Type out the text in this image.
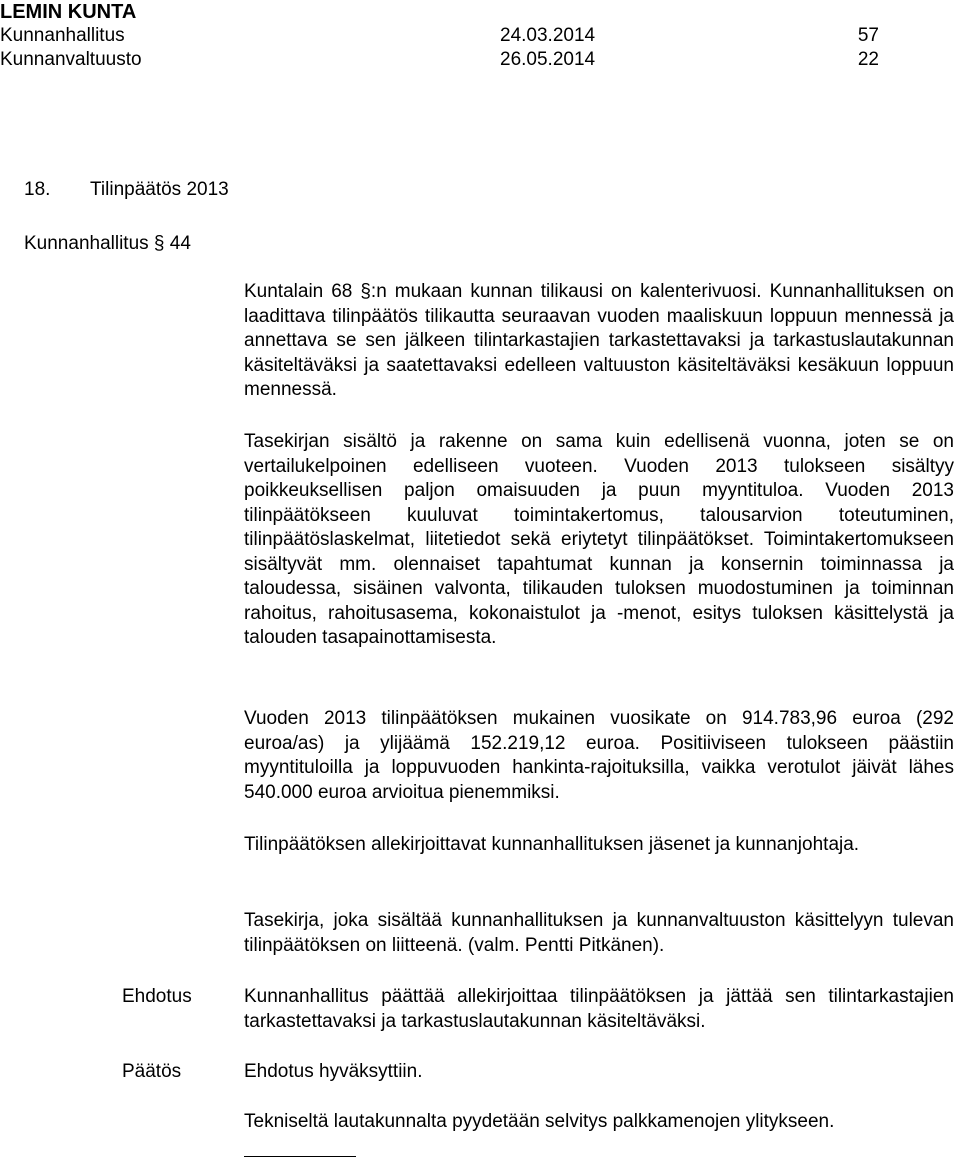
LEMIN KUNTA
Kunnanhallitus	24.03.2014	57
Kunnanvaltuusto	26.05.2014	22
18. Tilinpäätös 2013
Kunnanhallitus § 44
Kuntalain 68 §:n mukaan kunnan tilikausi on kalenterivuosi. Kunnanhallituksen on laadittava tilinpäätös tilikautta seuraavan vuoden maaliskuun loppuun mennessä ja annettava se sen jälkeen tilintarkastajien tarkastettavaksi ja tarkastuslautakunnan käsiteltäväksi ja saatettavaksi edelleen valtuuston käsiteltäväksi kesäkuun loppuun mennessä.
Tasekirjan sisältö ja rakenne on sama kuin edellisenä vuonna, joten se on vertailukelpoinen edelliseen vuoteen. Vuoden 2013 tulokseen sisältyy poikkeuksellisen paljon omaisuuden ja puun myyntituloa. Vuoden 2013 tilinpäätökseen kuuluvat toimintakertomus, talousarvion toteutuminen, tilinpäätöslaskelmat, liitetiedot sekä eriytetyt tilinpäätökset. Toimintakertomukseen sisältyvät mm. olennaiset tapahtumat kunnan ja konsernin toiminnassa ja taloudessa, sisäinen valvonta, tilikauden tuloksen muodostuminen ja toiminnan rahoitus, rahoitusasema, kokonaistulot ja -menot, esitys tuloksen käsittelystä ja talouden tasapainottamisesta.
Vuoden 2013 tilinpäätöksen mukainen vuosikate on 914.783,96 euroa (292 euroa/as) ja ylijäämä 152.219,12 euroa. Positiiviseen tulokseen päästiin myyntituloilla ja loppuvuoden hankinta-rajoituksilla, vaikka verotulot jäivät lähes 540.000 euroa arvioitua pienemmiksi.
Tilinpäätöksen allekirjoittavat kunnanhallituksen jäsenet ja kunnanjohtaja.
Tasekirja, joka sisältää kunnanhallituksen ja kunnanvaltuuston käsittelyyn tulevan tilinpäätöksen on liitteenä. (valm. Pentti Pitkänen).
Ehdotus	Kunnanhallitus päättää allekirjoittaa tilinpäätöksen ja jättää sen tilintarkastajien tarkastettavaksi ja tarkastuslautakunnan käsiteltäväksi.
Päätös	Ehdotus hyväksyttiin.
Tekniseltä lautakunnalta pyydetään selvitys palkkamenojen ylitykseen.
